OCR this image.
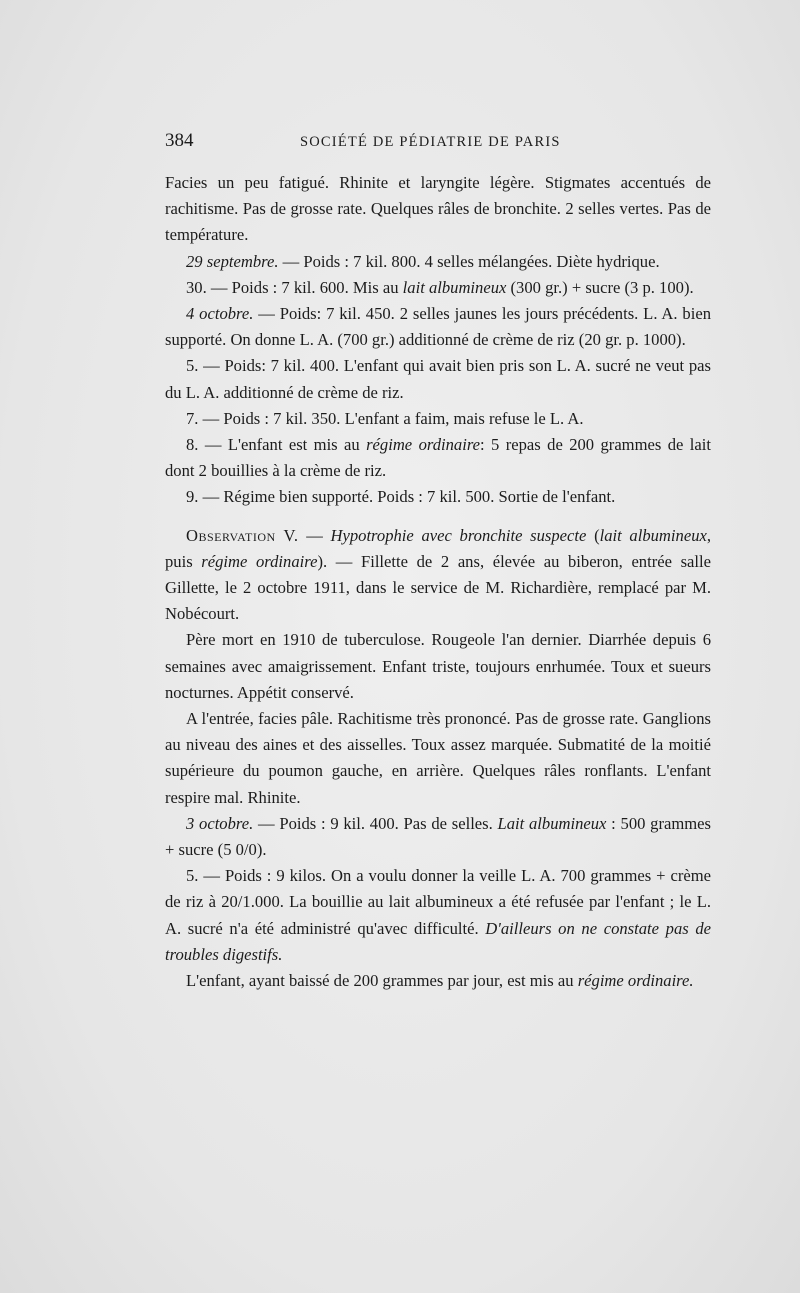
384	SOCIÉTÉ DE PÉDIATRIE DE PARIS

Facies un peu fatigué. Rhinite et laryngite légère. Stigmates accentués de rachitisme. Pas de grosse rate. Quelques râles de bronchite. 2 selles vertes. Pas de température.

29 septembre. — Poids : 7 kil. 800. 4 selles mélangées. Diète hydrique.

30. — Poids : 7 kil. 600. Mis au lait albumineux (300 gr.) + sucre (3 p. 100).

4 octobre. — Poids: 7 kil. 450. 2 selles jaunes les jours précédents. L. A. bien supporté. On donne L. A. (700 gr.) additionné de crème de riz (20 gr. p. 1000).

5. — Poids: 7 kil. 400. L'enfant qui avait bien pris son L. A. sucré ne veut pas du L. A. additionné de crème de riz.

7. — Poids : 7 kil. 350. L'enfant a faim, mais refuse le L. A.

8. — L'enfant est mis au régime ordinaire: 5 repas de 200 grammes de lait dont 2 bouillies à la crème de riz.

9. — Régime bien supporté. Poids : 7 kil. 500. Sortie de l'enfant.

Observation V. — Hypotrophie avec bronchite suspecte (lait albumineux, puis régime ordinaire). — Fillette de 2 ans, élevée au biberon, entrée salle Gillette, le 2 octobre 1911, dans le service de M. Richardière, remplacé par M. Nobécourt.

Père mort en 1910 de tuberculose. Rougeole l'an dernier. Diarrhée depuis 6 semaines avec amaigrissement. Enfant triste, toujours enrhumée. Toux et sueurs nocturnes. Appétit conservé.

A l'entrée, facies pâle. Rachitisme très prononcé. Pas de grosse rate. Ganglions au niveau des aines et des aisselles. Toux assez marquée. Submatité de la moitié supérieure du poumon gauche, en arrière. Quelques râles ronflants. L'enfant respire mal. Rhinite.

3 octobre. — Poids : 9 kil. 400. Pas de selles. Lait albumineux : 500 grammes + sucre (5 0/0).

5. — Poids : 9 kilos. On a voulu donner la veille L. A. 700 grammes + crème de riz à 20/1.000. La bouillie au lait albumineux a été refusée par l'enfant ; le L. A. sucré n'a été administré qu'avec difficulté. D'ailleurs on ne constate pas de troubles digestifs.

L'enfant, ayant baissé de 200 grammes par jour, est mis au régime ordinaire.
